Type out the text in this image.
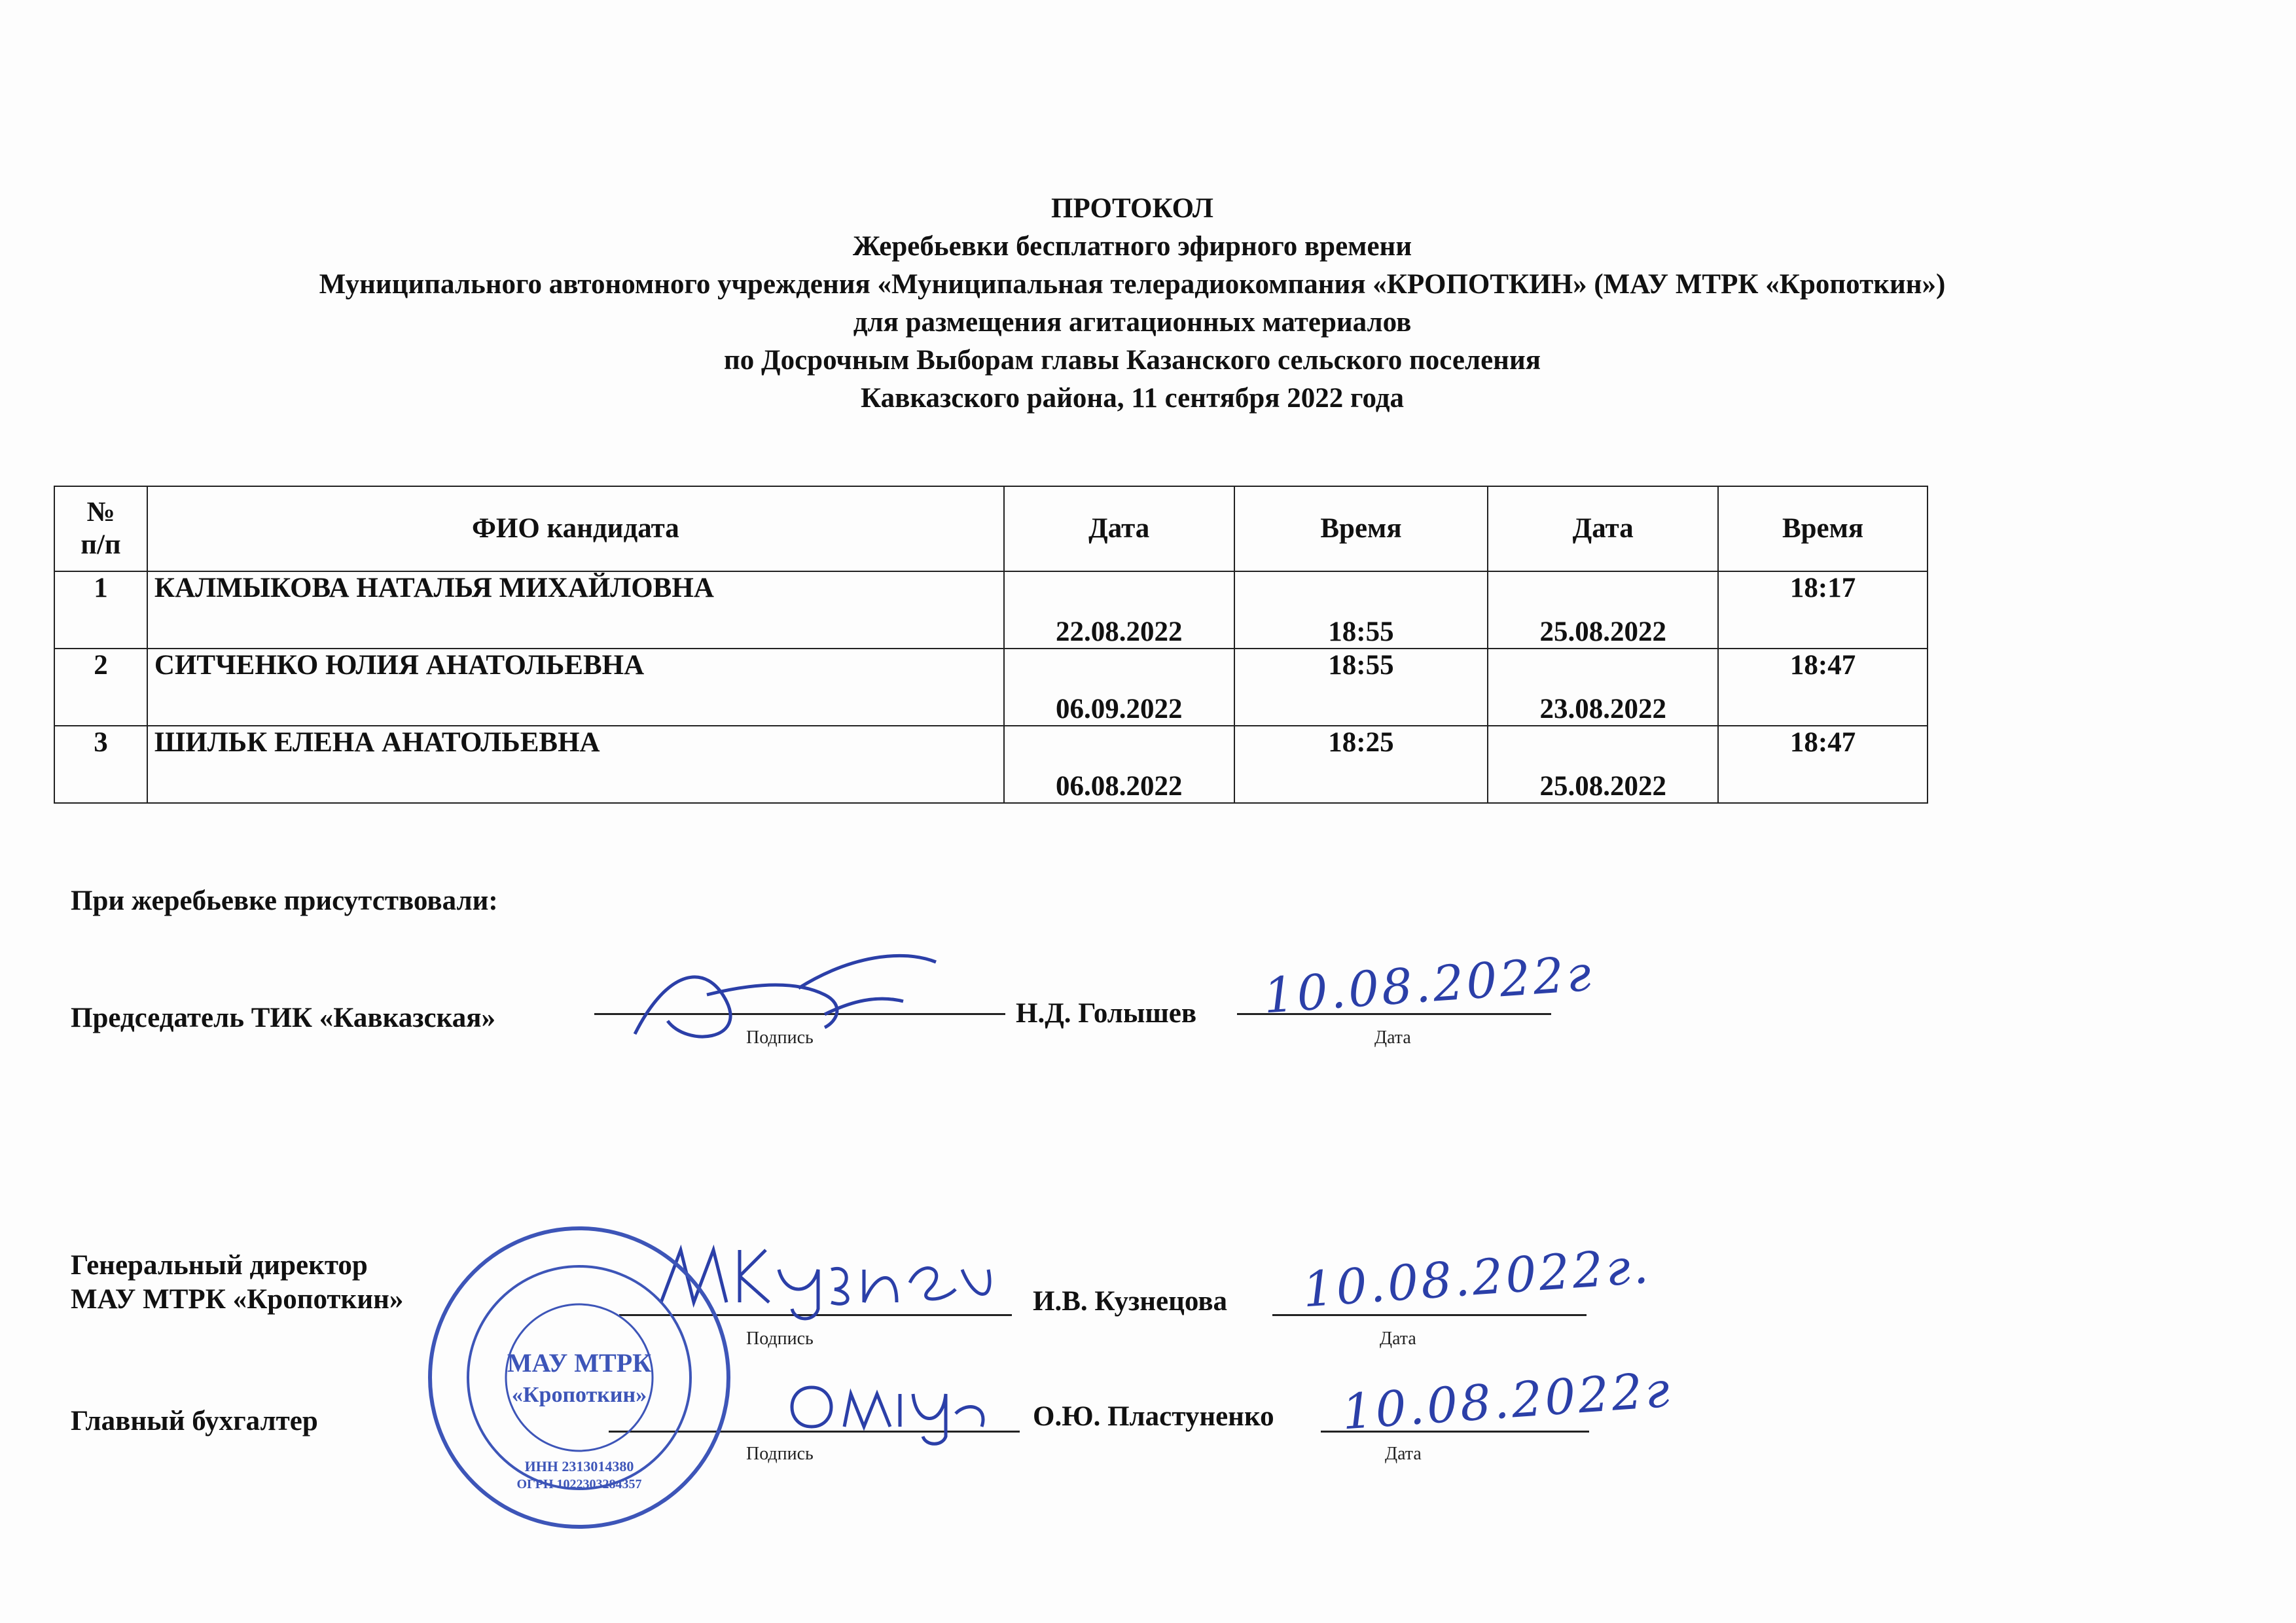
ПРОТОКОЛ
Жеребьевки бесплатного эфирного времени
Муниципального автономного учреждения «Муниципальная телерадиокомпания «КРОПОТКИН» (МАУ МТРК «Кропоткин»)
для размещения агитационных материалов
по Досрочным Выборам главы Казанского сельского поселения
Кавказского района, 11 сентября 2022 года
№
п/п	ФИО кандидата	Дата	Время	Дата	Время
1	КАЛМЫКОВА НАТАЛЬЯ МИХАЙЛОВНА	22.08.2022	18:55	25.08.2022	18:17
2	СИТЧЕНКО ЮЛИЯ АНАТОЛЬЕВНА	06.09.2022	18:55	23.08.2022	18:47
3	ШИЛЬК ЕЛЕНА АНАТОЛЬЕВНА	06.08.2022	18:25	25.08.2022	18:47
При жеребьевке присутствовали:
Председатель ТИК «Кавказская»
Подпись
Н.Д. Голышев 10.08.2022г
Дата
Генеральный директор
МАУ МТРК «Кропоткин»
Подпись
И.В. Кузнецова 10.08.2022г.
Дата
Главный бухгалтер
Подпись
О.Ю. Пластуненко 10.08.2022г
Дата
МАУ МТРК
«Кропоткин»
ИНН 2313014380
ОГРН 1022303284357
